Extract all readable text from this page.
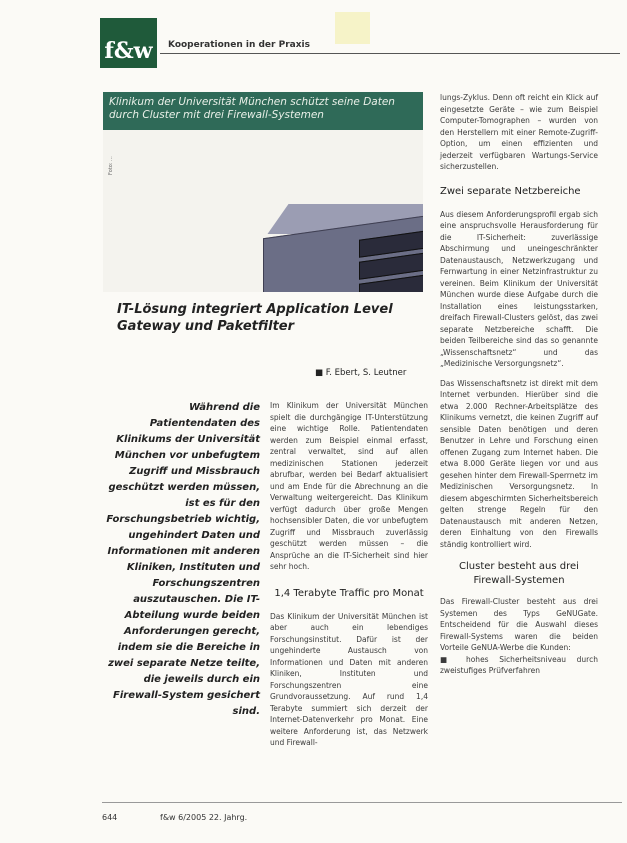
f&w Kooperationen in der Praxis
Klinikum der Universität München schützt seine Daten durch Cluster mit drei Firewall-Systemen
Foto: ...
IT-Lösung integriert Application Level Gateway und Paketfilter
■ F. Ebert, S. Leutner
Während die Patientendaten des Klinikums der Universität München vor unbefugtem Zugriff und Missbrauch geschützt werden müssen, ist es für den Forschungsbetrieb wichtig, ungehindert Daten und Informationen mit anderen Kliniken, Instituten und Forschungszentren auszutauschen. Die IT-Abteilung wurde beiden Anforderungen gerecht, indem sie die Bereiche in zwei separate Netze teilte, die jeweils durch ein Firewall-System gesichert sind.
Im Klinikum der Universität München spielt die durchgängige IT-Unterstützung eine wichtige Rolle. Patientendaten werden zum Beispiel einmal erfasst, zentral verwaltet, sind auf allen medizinischen Stationen jederzeit abrufbar, werden bei Bedarf aktualisiert und am Ende für die Abrechnung an die Verwaltung weitergereicht. Das Klinikum verfügt dadurch über große Mengen hochsensibler Daten, die vor unbefugtem Zugriff und Missbrauch zuverlässig geschützt werden müssen – die Ansprüche an die IT-Sicherheit sind hier sehr hoch.
1,4 Terabyte Traffic pro Monat
Das Klinikum der Universität München ist aber auch ein lebendiges Forschungsinstitut. Dafür ist der ungehinderte Austausch von Informationen und Daten mit anderen Kliniken, Instituten und Forschungszentren eine Grundvoraussetzung. Auf rund 1,4 Terabyte summiert sich derzeit der Internet-Datenverkehr pro Monat. Eine weitere Anforderung ist, das Netzwerk und Firewall-
lungs-Zyklus. Denn oft reicht ein Klick auf eingesetzte Geräte – wie zum Beispiel Computer-Tomographen – wurden von den Herstellern mit einer Remote-Zugriff-Option, um einen effizienten und jederzeit verfügbaren Wartungs-Service sicherzustellen.
Zwei separate Netzbereiche
Aus diesem Anforderungsprofil ergab sich eine anspruchsvolle Herausforderung für die IT-Sicherheit: zuverlässige Abschirmung und uneingeschränkter Datenaustausch, Netzwerkzugang und Fernwartung in einer Netzinfrastruktur zu vereinen. Beim Klinikum der Universität München wurde diese Aufgabe durch die Installation eines leistungsstarken, dreifach Firewall-Clusters gelöst, das zwei separate Netzbereiche schafft. Die beiden Teilbereiche sind das so genannte „Wissenschaftsnetz“ und das „Medizinische Versorgungsnetz“.
Das Wissenschaftsnetz ist direkt mit dem Internet verbunden. Hierüber sind die etwa 2.000 Rechner-Arbeitsplätze des Klinikums vernetzt, die keinen Zugriff auf sensible Daten benötigen und deren Benutzer in Lehre und Forschung einen offenen Zugang zum Internet haben. Die etwa 8.000 Geräte liegen vor und aus gesehen hinter dem Firewall-Sperrnetz im Medizinischen Versorgungsnetz. In diesem abgeschirmten Sicherheitsbereich gelten strenge Regeln für den Datenaustausch mit anderen Netzen, deren Einhaltung von den Firewalls ständig kontrolliert wird.
Cluster besteht aus drei Firewall-Systemen
Das Firewall-Cluster besteht aus drei Systemen des Typs GeNUGate. Entscheidend für die Auswahl dieses Firewall-Systems waren die beiden Vorteile GeNUA-Werbe die Kunden:
■ hohes Sicherheitsniveau durch zweistufiges Prüfverfahren
644	f&w 6/2005 22. Jahrg.
